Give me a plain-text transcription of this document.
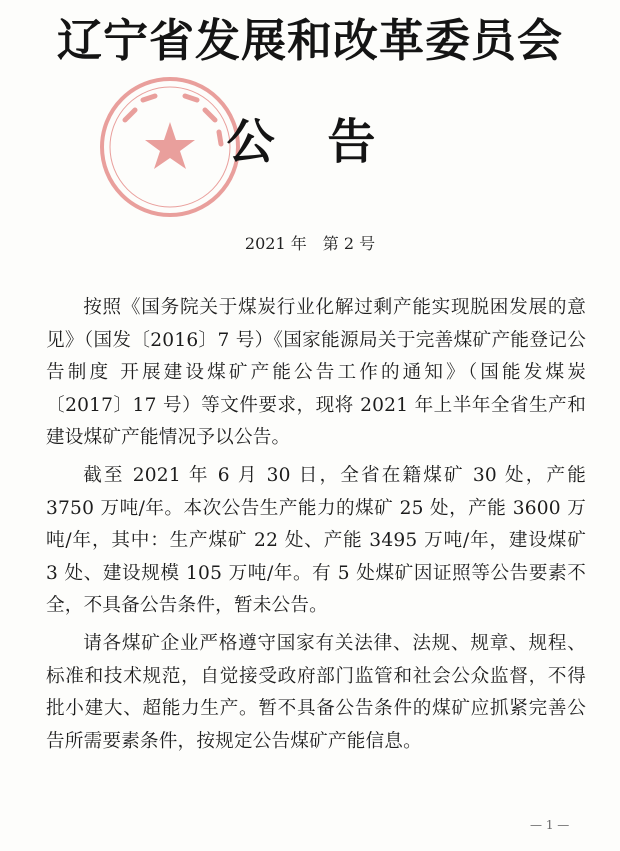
辽宁省发展和改革委员会
公 告
2021 年　 第 2 号

按照《国务院关于煤炭行业化解过剩产能实现脱困发展的意见》（国发〔2016〕7 号）《国家能源局关于完善煤矿产能登记公告制度 开展建设煤矿产能公告工作的通知》（国能发煤炭〔2017〕17 号）等文件要求，现将 2021 年上半年全省生产和建设煤矿产能情况予以公告。

截至 2021 年 6 月 30 日，全省在籍煤矿 30 处，产能 3750 万吨/年。本次公告生产能力的煤矿 25 处，产能 3600 万吨/年，其中：生产煤矿 22 处、产能 3495 万吨/年，建设煤矿 3 处、建设规模 105 万吨/年。有 5 处煤矿因证照等公告要素不全，不具备公告条件，暂未公告。

请各煤矿企业严格遵守国家有关法律、法规、规章、规程、标准和技术规范，自觉接受政府部门监管和社会公众监督，不得批小建大、超能力生产。暂不具备公告条件的煤矿应抓紧完善公告所需要素条件，按规定公告煤矿产能信息。

— 1 —
